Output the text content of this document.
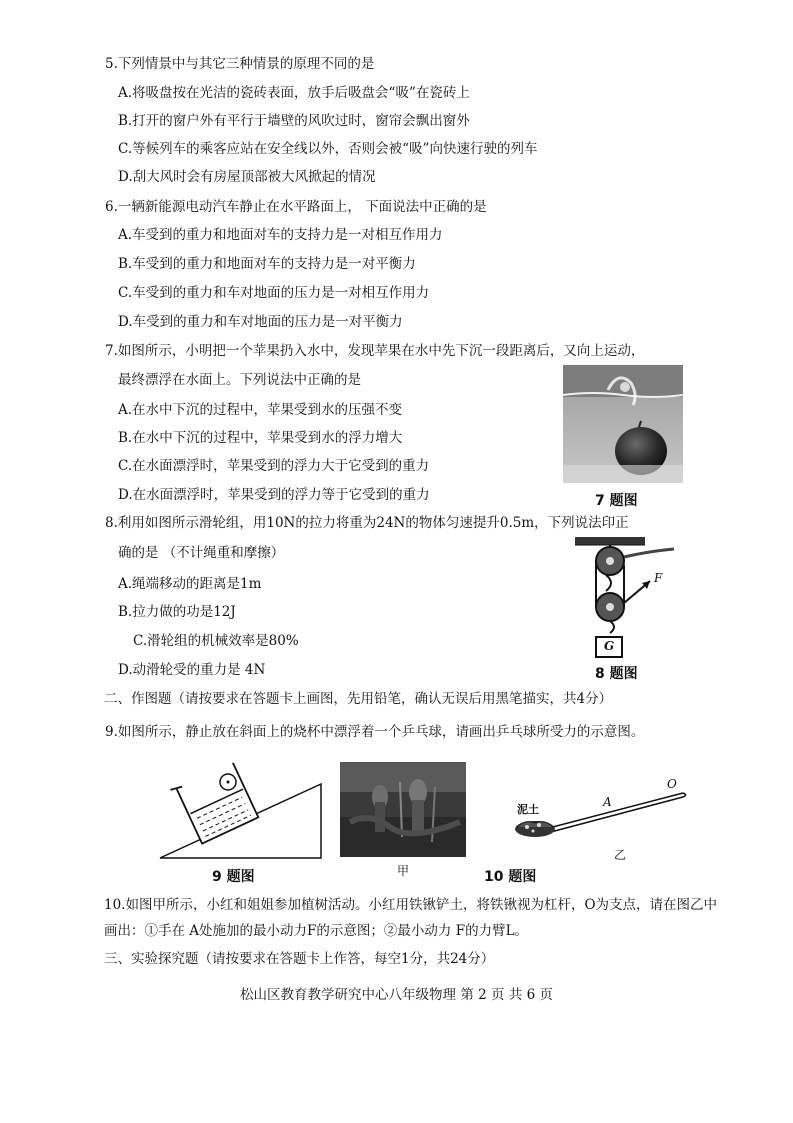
5.下列情景中与其它三种情景的原理不同的是
A.将吸盘按在光洁的瓷砖表面，放手后吸盘会“吸”在瓷砖上
B.打开的窗户外有平行于墙壁的风吹过时，窗帘会飘出窗外
C.等候列车的乘客应站在安全线以外，否则会被“吸”向快速行驶的列车
D.刮大风时会有房屋顶部被大风掀起的情况
6.一辆新能源电动汽车静止在水平路面上， 下面说法中正确的是
A.车受到的重力和地面对车的支持力是一对相互作用力
B.车受到的重力和地面对车的支持力是一对平衡力
C.车受到的重力和车对地面的压力是一对相互作用力
D.车受到的重力和车对地面的压力是一对平衡力
7.如图所示，小明把一个苹果扔入水中，发现苹果在水中先下沉一段距离后，又向上运动，
最终漂浮在水面上。下列说法中正确的是
A.在水中下沉的过程中，苹果受到水的压强不变
B.在水中下沉的过程中，苹果受到水的浮力增大
C.在水面漂浮时，苹果受到的浮力大于它受到的重力
D.在水面漂浮时，苹果受到的浮力等于它受到的重力	7 题图
8.利用如图所示滑轮组，用10N的拉力将重为24N的物体匀速提升0.5m，下列说法印正
确的是 （不计绳重和摩擦）
A.绳端移动的距离是1m
B.拉力做的功是12J
C.滑轮组的机械效率是80%
D.动滑轮受的重力是 4N
F
G
8 题图
二、作图题（请按要求在答题卡上画图，先用铅笔，确认无误后用黑笔描实，共4分）
9.如图所示，静止放在斜面上的烧杯中漂浮着一个乒乓球，请画出乒乓球所受力的示意图。
9 题图	甲
泥土
A
O
乙
10 题图
10.如图甲所示，小红和姐姐参加植树活动。小红用铁锹铲土，将铁锹视为杠杆，O为支点，请在图乙中
画出：①手在 A处施加的最小动力F的示意图；②最小动力 F的力臂L。
三、实验探究题（请按要求在答题卡上作答，每空1分，共24分）
松山区教育教学研究中心八年级物理 第 2 页 共 6 页
